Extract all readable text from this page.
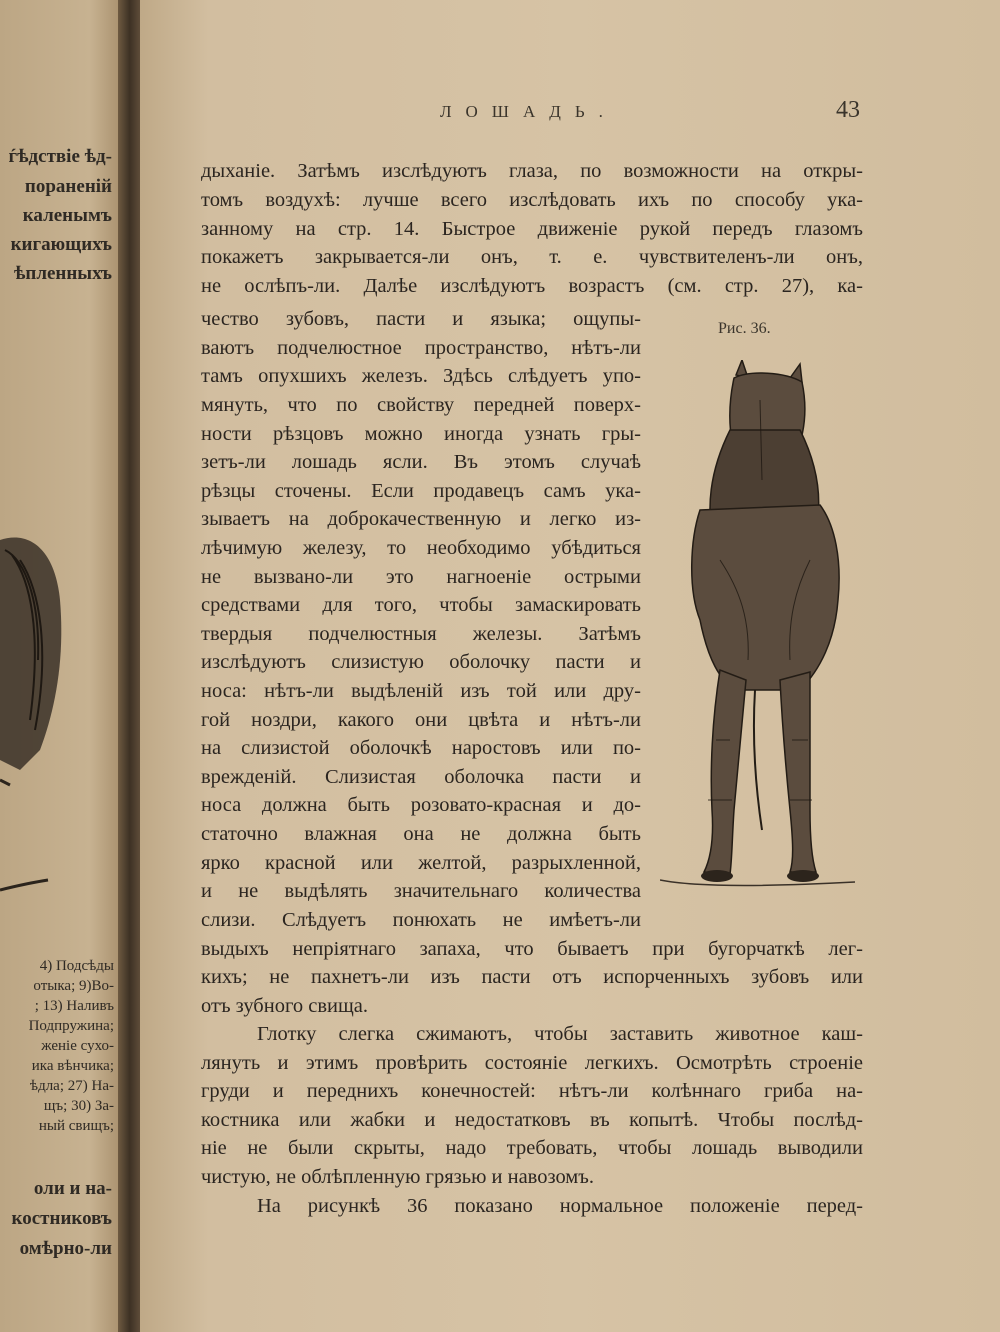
ѓѣдствіе ѣд-
пораненій
каленымъ
кигающихъ
ѣпленныхъ
4) Подсѣды
отыка; 9)Во-
; 13) Наливъ
Подпружина;
женіе сухо-
ика вѣнчика;
ѣдла; 27) На-
щъ; 30) За-
ный свищъ;
оли и на-
костниковъ
омѣрно-ли
ЛОШАДЬ.	43
дыханіе. Затѣмъ изслѣдуютъ глаза, по возможности на откры-
томъ воздухѣ: лучше всего изслѣдовать ихъ по способу ука-
занному на стр. 14. Быстрое движеніе рукой передъ глазомъ
покажетъ закрывается-ли онъ, т. е. чувствителенъ-ли онъ,
не ослѣпъ-ли. Далѣе изслѣдуютъ возрастъ (см. стр. 27), ка-
чество зубовъ, пасти и языка; ощупы-
ваютъ подчелюстное пространство, нѣтъ-ли
тамъ опухшихъ железъ. Здѣсь слѣдуетъ упо-
мянуть, что по свойству передней поверх-
ности рѣзцовъ можно иногда узнать гры-
зетъ-ли лошадь ясли. Въ этомъ случаѣ
рѣзцы сточены. Если продавецъ самъ ука-
зываетъ на доброкачественную и легко из-
лѣчимую железу, то необходимо убѣдиться
не вызвано-ли это нагноеніе острыми
средствами для того, чтобы замаскировать
твердыя подчелюстныя железы. Затѣмъ
изслѣдуютъ слизистую оболочку пасти и
носа: нѣтъ-ли выдѣленій изъ той или дру-
гой ноздри, какого они цвѣта и нѣтъ-ли
на слизистой оболочкѣ наростовъ или по-
врежденій. Слизистая оболочка пасти и
носа должна быть розовато-красная и до-
статочно влажная она не должна быть
ярко красной или желтой, разрыхленной,
и не выдѣлять значительнаго количества
слизи. Слѣдуетъ понюхать не имѣетъ-ли
Рис. 36.
выдыхъ непріятнаго запаха, что бываетъ при бугорчаткѣ лег-
кихъ; не пахнетъ-ли изъ пасти отъ испорченныхъ зубовъ или
отъ зубного свища.
Глотку слегка сжимаютъ, чтобы заставить животное каш-
лянуть и этимъ провѣрить состояніе легкихъ. Осмотрѣть строеніе
груди и переднихъ конечностей: нѣтъ-ли колѣннаго гриба на-
костника или жабки и недостатковъ въ копытѣ. Чтобы послѣд-
ніе не были скрыты, надо требовать, чтобы лошадь выводили
чистую, не облѣпленную грязью и навозомъ.
На рисункѣ 36 показано нормальное положеніе перед-
